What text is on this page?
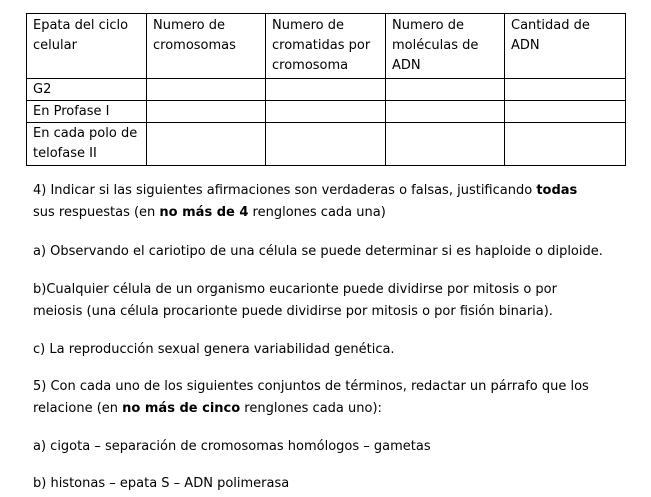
Epata del ciclo celular	Numero de cromosomas	Numero de cromatidas por cromosoma	Numero de moléculas de ADN	Cantidad de ADN
G2				
En Profase I				
En cada polo de telofase II				
4) Indicar si las siguientes afirmaciones son verdaderas o falsas, justificando todas
sus respuestas (en no más de 4 renglones cada una)
a) Observando el cariotipo de una célula se puede determinar si es haploide o diploide.
b)Cualquier célula de un organismo eucarionte puede dividirse por mitosis o por
meiosis (una célula procarionte puede dividirse por mitosis o por fisión binaria).
c) La reproducción sexual genera variabilidad genética.
5) Con cada uno de los siguientes conjuntos de términos, redactar un párrafo que los
relacione (en no más de cinco renglones cada uno):
a) cigota – separación de cromosomas homólogos – gametas
b) histonas – epata S – ADN polimerasa
